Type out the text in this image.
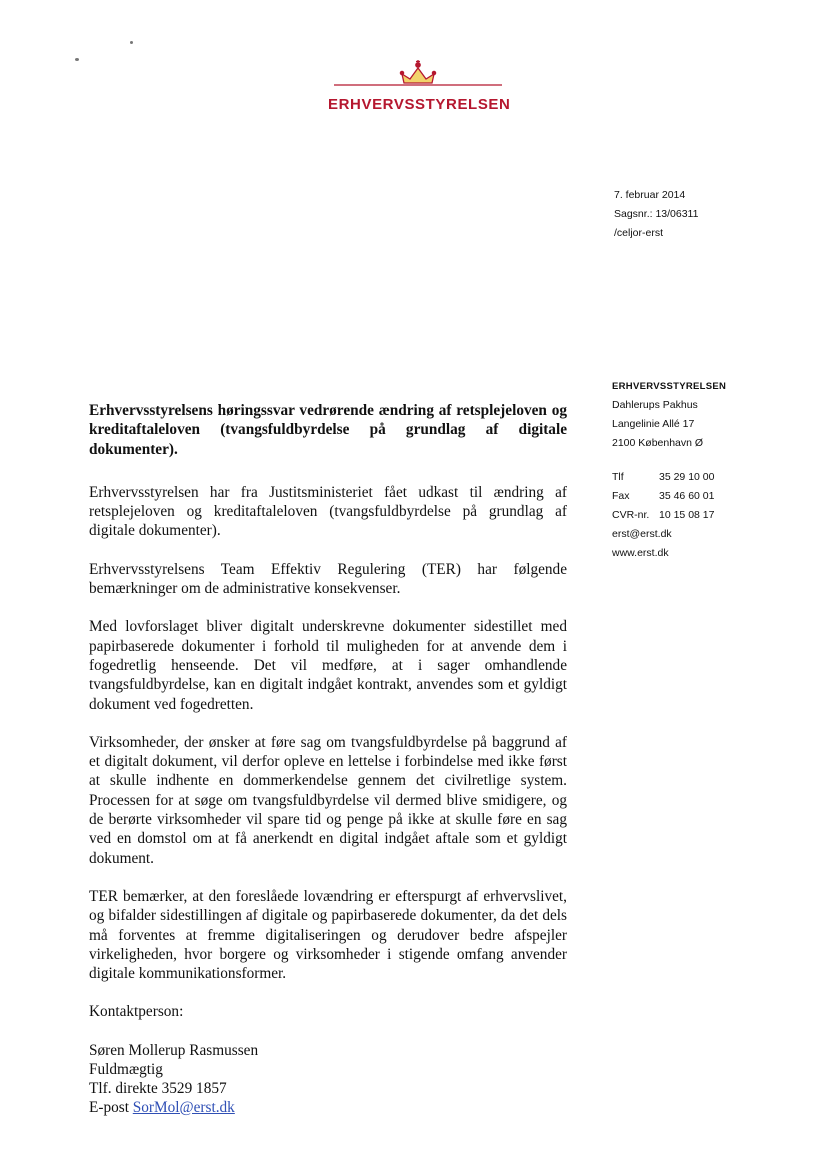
ERHVERVSSTYRELSEN
7. februar 2014
Sagsnr.: 13/06311
/celjor-erst
ERHVERVSSTYRELSEN
Dahlerups Pakhus
Langelinie Allé 17
2100 København Ø
Tlf	35 29 10 00
Fax	35 46 60 01
CVR-nr. 10 15 08 17
erst@erst.dk
www.erst.dk
Erhvervsstyrelsens høringssvar vedrørende ændring af retsplejeloven og kreditaftaleloven (tvangsfuldbyrdelse på grundlag af digitale dokumenter).

Erhvervsstyrelsen har fra Justitsministeriet fået udkast til ændring af retsplejeloven og kreditaftaleloven (tvangsfuldbyrdelse på grundlag af digitale dokumenter).

Erhvervsstyrelsens Team Effektiv Regulering (TER) har følgende bemærkninger om de administrative konsekvenser.

Med lovforslaget bliver digitalt underskrevne dokumenter sidestillet med papirbaserede dokumenter i forhold til muligheden for at anvende dem i fogedretlig henseende. Det vil medføre, at i sager omhandlende tvangsfuldbyrdelse, kan en digitalt indgået kontrakt, anvendes som et gyldigt dokument ved fogedretten.

Virksomheder, der ønsker at føre sag om tvangsfuldbyrdelse på baggrund af et digitalt dokument, vil derfor opleve en lettelse i forbindelse med ikke først at skulle indhente en dommerkendelse gennem det civilretlige system. Processen for at søge om tvangsfuldbyrdelse vil dermed blive smidigere, og de berørte virksomheder vil spare tid og penge på ikke at skulle føre en sag ved en domstol om at få anerkendt en digital indgået aftale som et gyldigt dokument.

TER bemærker, at den foreslåede lovændring er efterspurgt af erhvervslivet, og bifalder sidestillingen af digitale og papirbaserede dokumenter, da det dels må forventes at fremme digitaliseringen og derudover bedre afspejler virkeligheden, hvor borgere og virksomheder i stigende omfang anvender digitale kommunikationsformer.

Kontaktperson:

Søren Mollerup Rasmussen
Fuldmægtig
Tlf. direkte 3529 1857
E-post SorMol@erst.dk
